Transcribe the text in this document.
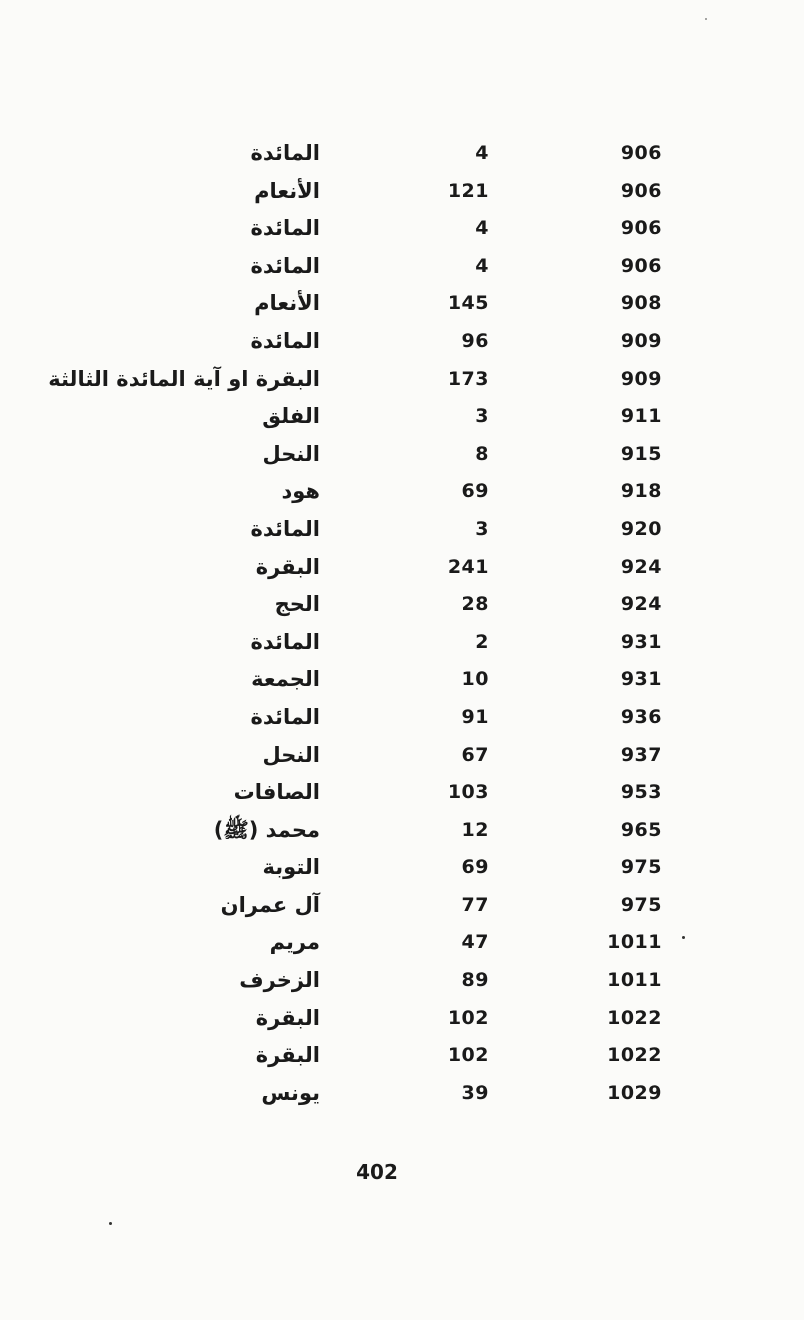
المائدة	4	906
الأنعام	121	906
المائدة	4	906
المائدة	4	906
الأنعام	145	908
المائدة	96	909
البقرة او آية المائدة الثالثة	173	909
الفلق	3	911
النحل	8	915
هود	69	918
المائدة	3	920
البقرة	241	924
الحج	28	924
المائدة	2	931
الجمعة	10	931
المائدة	91	936
النحل	67	937
الصافات	103	953
محمد (ﷺ)	12	965
التوبة	69	975
آل عمران	77	975
مريم	47	1011
الزخرف	89	1011
البقرة	102	1022
البقرة	102	1022
يونس	39	1029
402
